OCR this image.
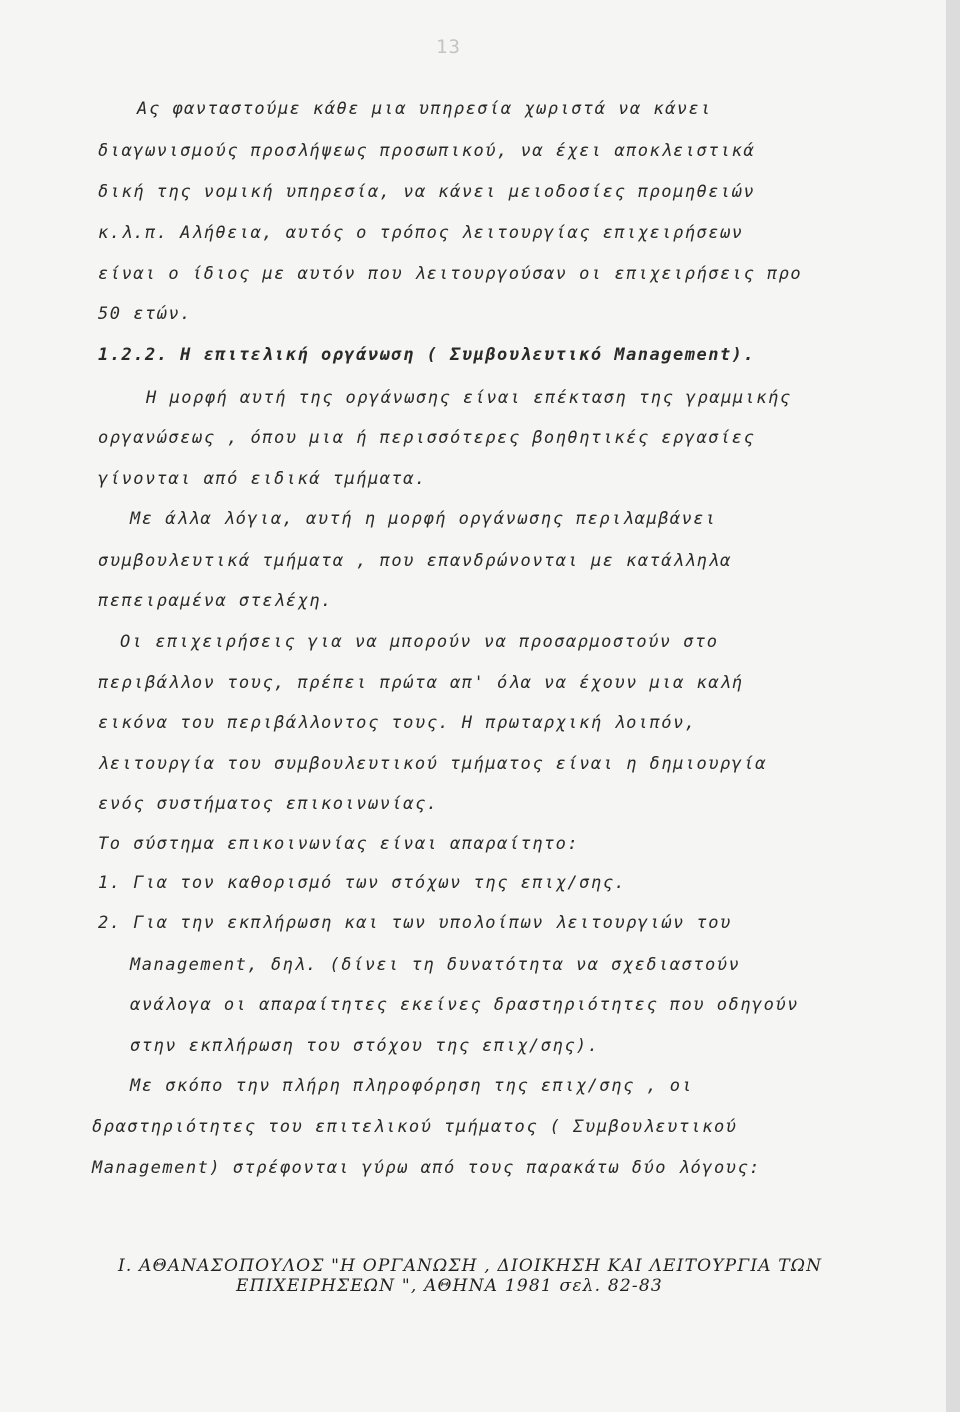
13
Ας φανταστούμε κάθε μια υπηρεσία χωριστά να κάνει
διαγωνισμούς προσλήψεως προσωπικού, να έχει αποκλειστικά
δική της νομική υπηρεσία, να κάνει μειοδοσίες προμηθειών
κ.λ.π. Αλήθεια, αυτός ο τρόπος λειτουργίας επιχειρήσεων
είναι ο ίδιος με αυτόν που λειτουργούσαν οι επιχειρήσεις προ
50 ετών.
1.2.2. Η επιτελική οργάνωση ( Συμβουλευτικό Management).
Η μορφή αυτή της οργάνωσης είναι επέκταση της γραμμικής
οργανώσεως , όπου μια ή περισσότερες βοηθητικές εργασίες
γίνονται από ειδικά τμήματα.
Με άλλα λόγια, αυτή η μορφή οργάνωσης περιλαμβάνει
συμβουλευτικά τμήματα , που επανδρώνονται με κατάλληλα
πεπειραμένα στελέχη.
Οι επιχειρήσεις για να μπορούν να προσαρμοστούν στο
περιβάλλον τους, πρέπει πρώτα απ' όλα να έχουν μια καλή
εικόνα του περιβάλλοντος τους. Η πρωταρχική λοιπόν,
λειτουργία του συμβουλευτικού τμήματος είναι η δημιουργία
ενός συστήματος επικοινωνίας.
Το σύστημα επικοινωνίας είναι απαραίτητο:
1. Για τον καθορισμό των στόχων της επιχ/σης.
2. Για την εκπλήρωση και των υπολοίπων λειτουργιών του
Management, δηλ. (δίνει τη δυνατότητα να σχεδιαστούν
ανάλογα οι απαραίτητες εκείνες δραστηριότητες που οδηγούν
στην εκπλήρωση του στόχου της επιχ/σης).
Με σκόπο την πλήρη πληροφόρηση της επιχ/σης , οι
δραστηριότητες του επιτελικού τμήματος ( Συμβουλευτικού
Management) στρέφονται γύρω από τους παρακάτω δύο λόγους:
Ι. ΑΘΑΝΑΣΟΠΟΥΛΟΣ "Η ΟΡΓΑΝΩΣΗ , ΔΙΟΙΚΗΣΗ ΚΑΙ ΛΕΙΤΟΥΡΓΙΑ ΤΩΝ
ΕΠΙΧΕΙΡΗΣΕΩΝ ", ΑΘΗΝΑ 1981 σελ. 82-83
